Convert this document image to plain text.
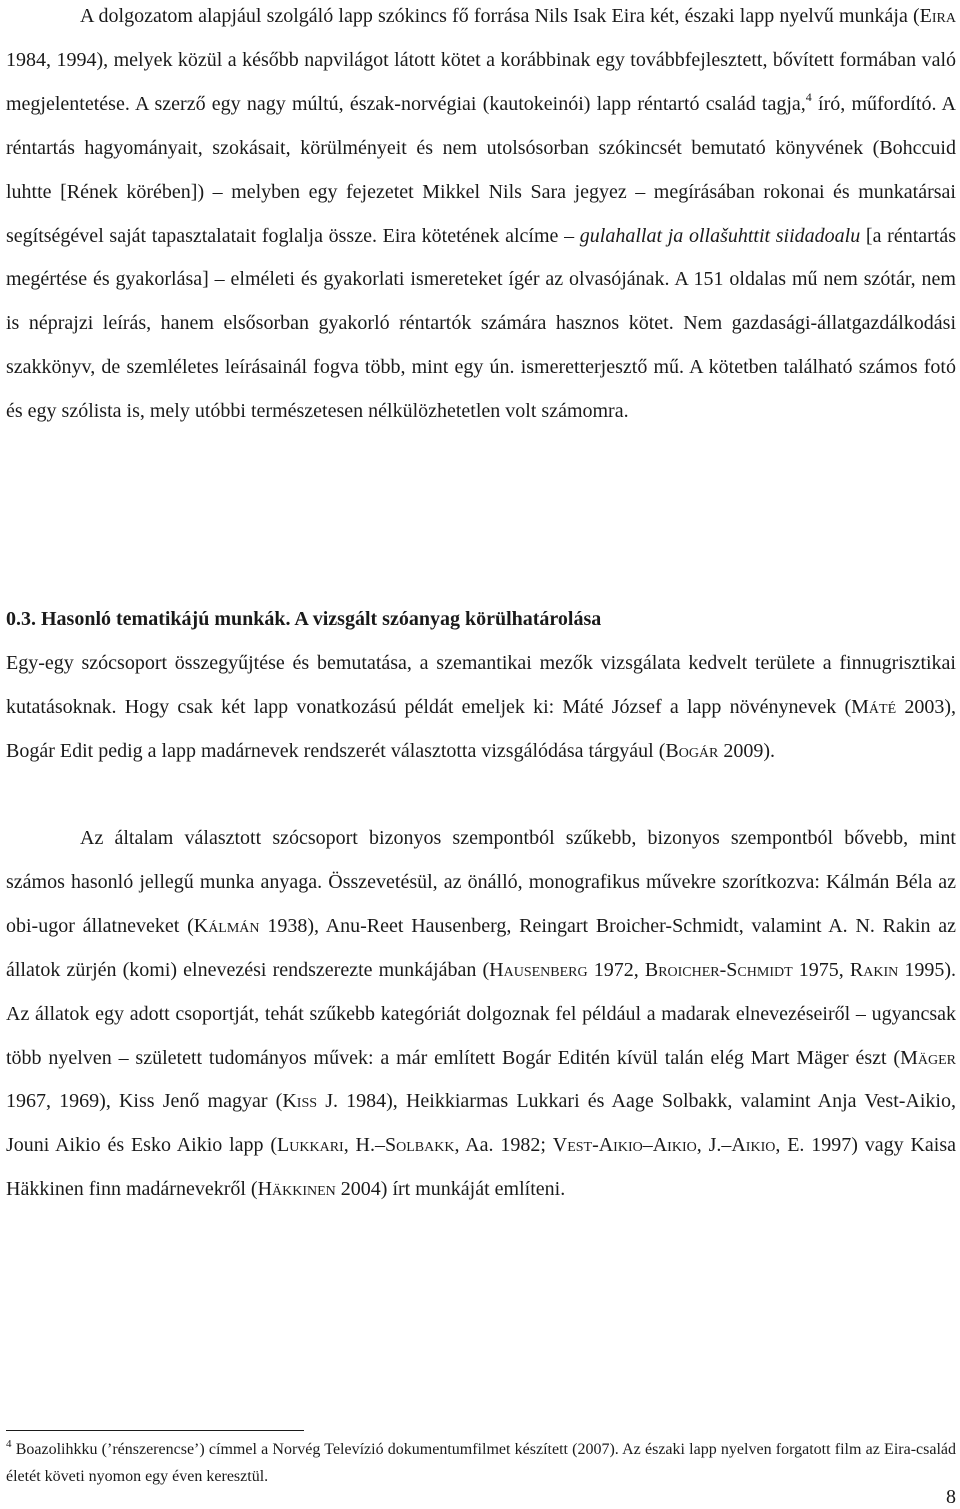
A dolgozatom alapjául szolgáló lapp szókincs fő forrása Nils Isak Eira két, északi lapp nyelvű munkája (Eira 1984, 1994), melyek közül a később napvilágot látott kötet a korábbinak egy továbbfejlesztett, bővített formában való megjelentetése. A szerző egy nagy múltú, észak-norvégiai (kautokeinói) lapp réntartó család tagja,$^4$ író, műfordító. A réntartás hagyományait, szokásait, körülményeit és nem utolsósorban szókincsét bemutató könyvének (Bohccuid luhtte [Rének körében]) – melyben egy fejezetet Mikkel Nils Sara jegyez – megírásában rokonai és munkatársai segítségével saját tapasztalatait foglalja össze. Eira kötetének alcíme – gulahallat ja ollašuhttit siidadoalu [a réntartás megértése és gyakorlása] – elméleti és gyakorlati ismereteket ígér az olvasójának. A 151 oldalas mű nem szótár, nem is néprajzi leírás, hanem elsősorban gyakorló réntartók számára hasznos kötet. Nem gazdasági-állatgazdálkodási szakkönyv, de szemléletes leírásainál fogva több, mint egy ún. ismeretterjesztő mű. A kötetben található számos fotó és egy szólista is, mely utóbbi természetesen nélkülözhetetlen volt számomra.

0.3. Hasonló tematikájú munkák. A vizsgált szóanyag körülhatárolása

Egy-egy szócsoport összegyűjtése és bemutatása, a szemantikai mezők vizsgálata kedvelt területe a finnugrisztikai kutatásoknak. Hogy csak két lapp vonatkozású példát emeljek ki: Máté József a lapp növénynevek (Máté 2003), Bogár Edit pedig a lapp madárnevek rendszerét választotta vizsgálódása tárgyául (Bogár 2009).

Az általam választott szócsoport bizonyos szempontból szűkebb, bizonyos szempontból bővebb, mint számos hasonló jellegű munka anyaga. Összevetésül, az önálló, monografikus művekre szorítkozva: Kálmán Béla az obi-ugor állatneveket (Kálmán 1938), Anu-Reet Hausenberg, Reingart Broicher-Schmidt, valamint A. N. Rakin az állatok zürjén (komi) elnevezési rendszerezte munkájában (Hausenberg 1972, Broicher-Schmidt 1975, Rakin 1995). Az állatok egy adott csoportját, tehát szűkebb kategóriát dolgoznak fel például a madarak elnevezéseiről – ugyancsak több nyelven – született tudományos művek: a már említett Bogár Editén kívül talán elég Mart Mäger észt (Mäger 1967, 1969), Kiss Jenő magyar (Kiss J. 1984), Heikkiarmas Lukkari és Aage Solbakk, valamint Anja Vest-Aikio, Jouni Aikio és Esko Aikio lapp (Lukkari, H.–Solbakk, Aa. 1982; Vest-Aikio–Aikio, J.–Aikio, E. 1997) vagy Kaisa Häkkinen finn madárnevekről (Häkkinen 2004) írt munkáját említeni.

$^4$ Boazolihkku (’rénszerencse’) címmel a Norvég Televízió dokumentumfilmet készített (2007). Az északi lapp nyelven forgatott film az Eira-család életét követi nyomon egy éven keresztül.

8
